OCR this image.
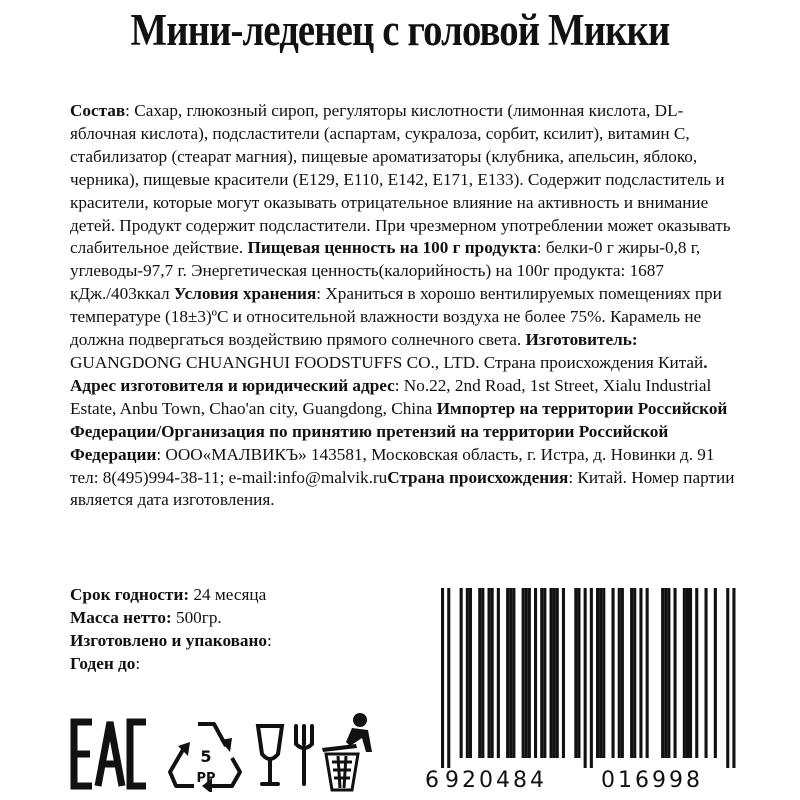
Мини-леденец с головой Микки
Состав: Сахар, глюкозный сироп, регуляторы кислотности (лимонная кислота, DL-яблочная кислота), подсластители (аспартам, сукралоза, сорбит, ксилит), витамин С, стабилизатор (стеарат магния), пищевые ароматизаторы (клубника, апельсин, яблоко, черника), пищевые красители (Е129, Е110, Е142, Е171, Е133). Содержит подсластитель и красители, которые могут оказывать отрицательное влияние на активность и внимание детей. Продукт содержит подсластители. При чрезмерном употреблении может оказывать слабительное действие. Пищевая ценность на 100 г продукта: белки-0 г жиры-0,8 г, углеводы-97,7 г. Энергетическая ценность(калорийность) на 100г продукта: 1687 кДж./403ккал Условия хранения: Храниться в хорошо вентилируемых помещениях при температуре (18±3)ºС и относительной влажности воздуха не более 75%. Карамель не должна подвергаться воздействию прямого солнечного света. Изготовитель: GUANGDONG CHUANGHUI FOODSTUFFS CO., LTD. Страна происхождения Китай. Адрес изготовителя и юридический адрес: No.22, 2nd Road, 1st Street, Xialu Industrial Estate, Anbu Town, Chao'an city, Guangdong, China Импортер на территории Российской Федерации/Организация по принятию претензий на территории Российской Федерации: ООО«МАЛВИКЪ» 143581, Московская область, г. Истра, д. Новинки д. 91 тел: 8(495)994-38-11; e-mail:info@malvik.ruСтрана происхождения: Китай. Номер партии является дата изготовления.
Срок годности: 24 месяца
Масса нетто: 500гр.
Изготовлено и упаковано:
Годен до:
5
PP	6 920484 016998
